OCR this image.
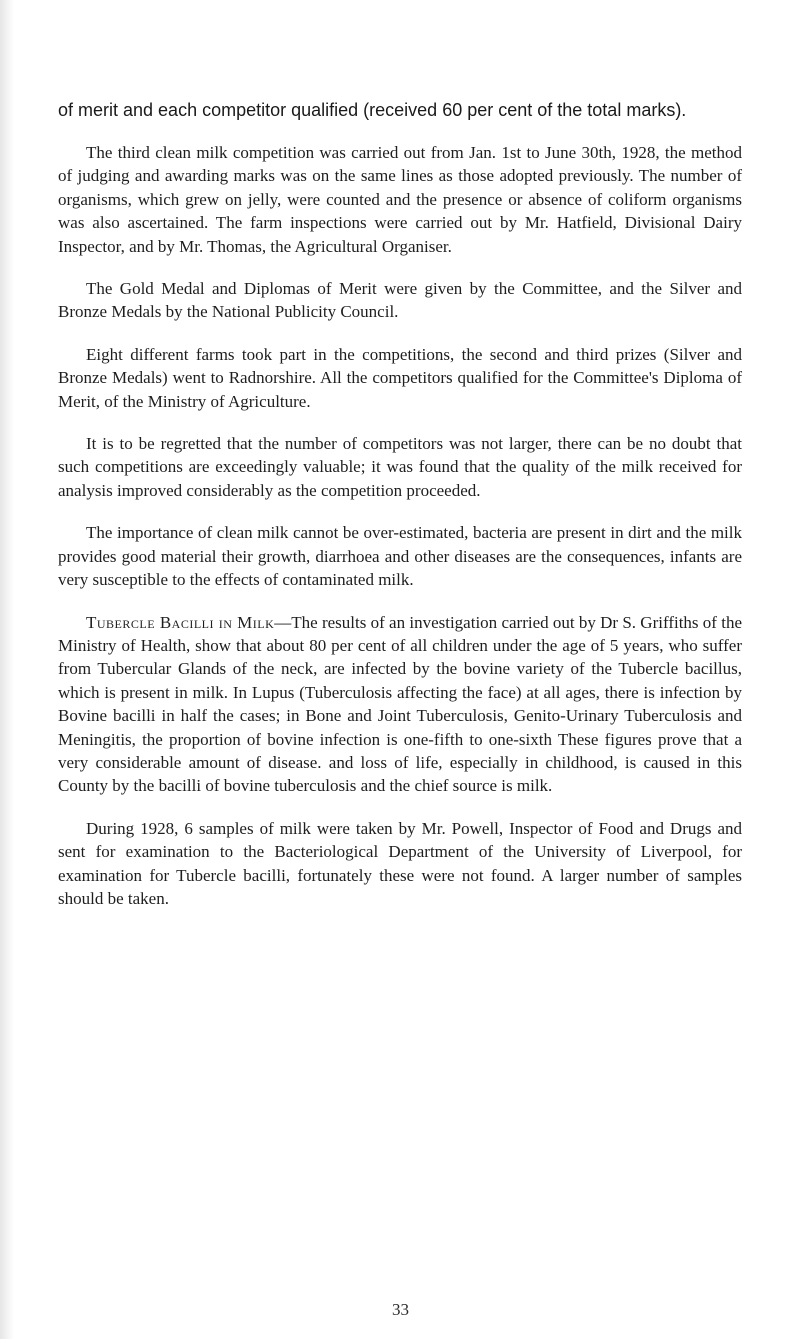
of merit and each competitor qualified (received 60 per cent of the total marks).

The third clean milk competition was carried out from Jan. 1st to June 30th, 1928, the method of judging and awarding marks was on the same lines as those adopted previously. The number of organisms, which grew on jelly, were counted and the presence or absence of coliform organisms was also ascertained. The farm inspections were carried out by Mr. Hatfield, Divisional Dairy Inspector, and by Mr. Thomas, the Agricultural Organiser.

The Gold Medal and Diplomas of Merit were given by the Committee, and the Silver and Bronze Medals by the National Publicity Council.

Eight different farms took part in the competitions, the second and third prizes (Silver and Bronze Medals) went to Radnorshire. All the competitors qualified for the Committee's Diploma of Merit, of the Ministry of Agriculture.

It is to be regretted that the number of competitors was not larger, there can be no doubt that such competitions are exceedingly valuable; it was found that the quality of the milk received for analysis improved considerably as the competition proceeded.

The importance of clean milk cannot be over-estimated, bacteria are present in dirt and the milk provides good material their growth, diarrhoea and other diseases are the consequences, infants are very susceptible to the effects of contaminated milk.

Tubercle Bacilli in Milk—The results of an investigation carried out by Dr S. Griffiths of the Ministry of Health, show that about 80 per cent of all children under the age of 5 years, who suffer from Tubercular Glands of the neck, are infected by the bovine variety of the Tubercle bacillus, which is present in milk. In Lupus (Tuberculosis affecting the face) at all ages, there is infection by Bovine bacilli in half the cases; in Bone and Joint Tuberculosis, Genito-Urinary Tuberculosis and Meningitis, the proportion of bovine infection is one-fifth to one-sixth These figures prove that a very considerable amount of disease. and loss of life, especially in childhood, is caused in this County by the bacilli of bovine tuberculosis and the chief source is milk.

During 1928, 6 samples of milk were taken by Mr. Powell, Inspector of Food and Drugs and sent for examination to the Bacteriological Department of the University of Liverpool, for examination for Tubercle bacilli, fortunately these were not found. A larger number of samples should be taken.

33
